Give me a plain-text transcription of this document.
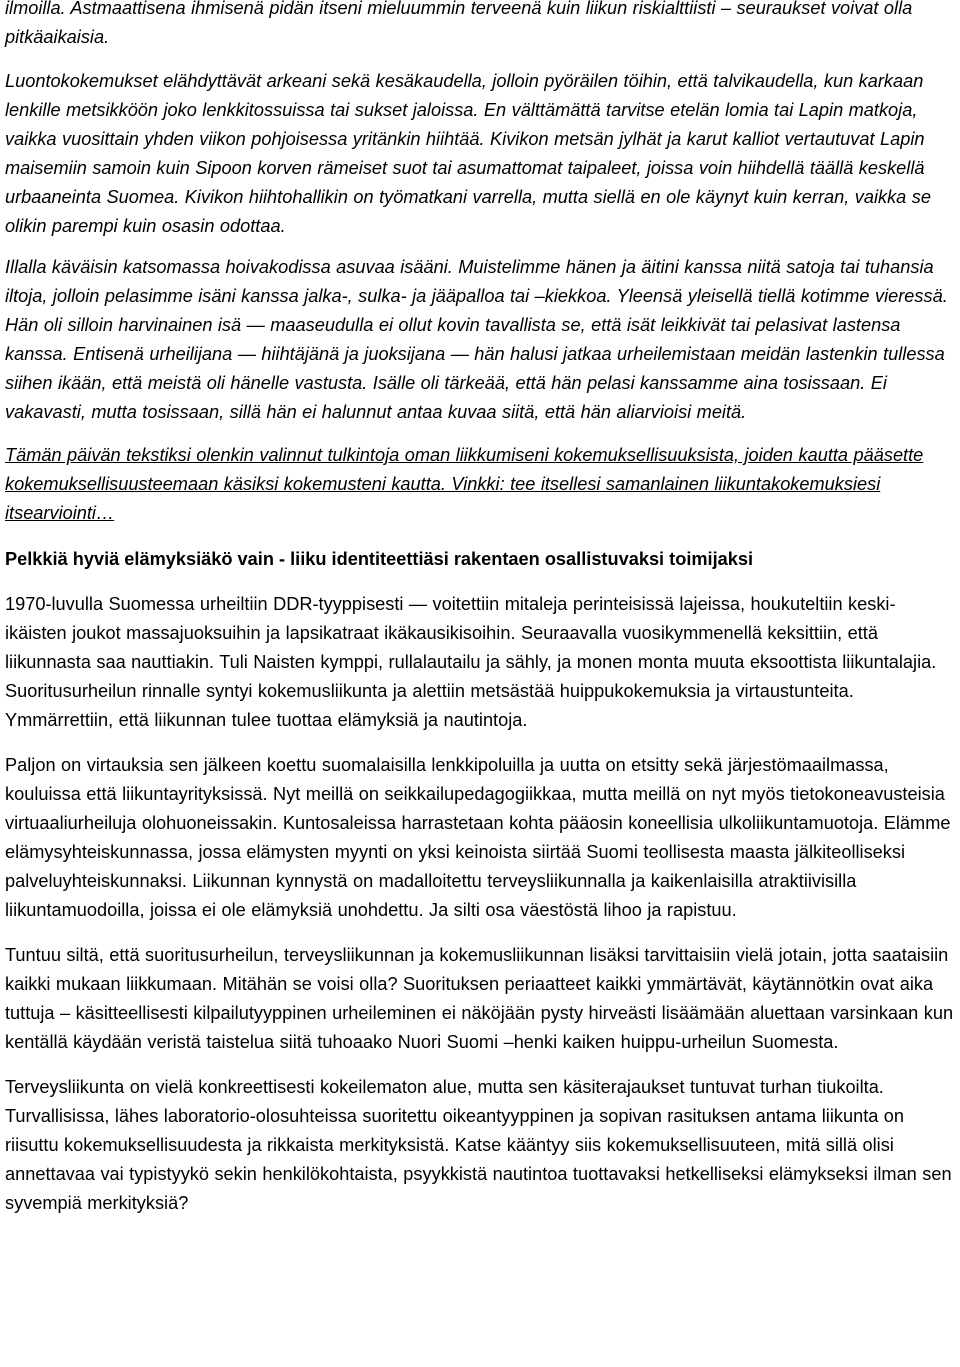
ilmoilla. Astmaattisena ihmisenä pidän itseni mieluummin terveenä kuin liikun riskialttiisti – seuraukset voivat olla pitkäaikaisia.

Luontokokemukset elähdyttävät arkeani sekä kesäkaudella, jolloin pyöräilen töihin, että talvikaudella, kun karkaan lenkille metsikköön joko lenkkitossuissa tai sukset jaloissa. En välttämättä tarvitse etelän lomia tai Lapin matkoja, vaikka vuosittain yhden viikon pohjoisessa yritänkin hiihtää. Kivikon metsän jylhät ja karut kalliot vertautuvat Lapin maisemiin samoin kuin Sipoon korven rämeiset suot tai asumattomat taipaleet, joissa voin hiihdellä täällä keskellä urbaaneinta Suomea. Kivikon hiihtohallikin on työmatkani varrella, mutta siellä en ole käynyt kuin kerran, vaikka se olikin parempi kuin osasin odottaa.

Illalla käväisin katsomassa hoivakodissa asuvaa isääni. Muistelimme hänen ja äitini kanssa niitä satoja tai tuhansia iltoja, jolloin pelasimme isäni kanssa jalka-, sulka- ja jääpalloa tai –kiekkoa. Yleensä yleisellä tiellä kotimme vieressä. Hän oli silloin harvinainen isä — maaseudulla ei ollut kovin tavallista se, että isät leikkivät tai pelasivat lastensa kanssa. Entisenä urheilijana — hiihtäjänä ja juoksijana — hän halusi jatkaa urheilemistaan meidän lastenkin tullessa siihen ikään, että meistä oli hänelle vastusta. Isälle oli tärkeää, että hän pelasi kanssamme aina tosissaan. Ei vakavasti, mutta tosissaan, sillä hän ei halunnut antaa kuvaa siitä, että hän aliarvioisi meitä.

Tämän päivän tekstiksi olenkin valinnut tulkintoja oman liikkumiseni kokemuksellisuuksista, joiden kautta pääsette kokemuksellisuusteemaan käsiksi kokemusteni kautta. Vinkki: tee itsellesi samanlainen liikuntakokemuksiesi itsearviointi…

Pelkkiä hyviä elämyksiäkö vain - liiku identiteettiäsi rakentaen osallistuvaksi toimijaksi

1970-luvulla Suomessa urheiltiin DDR-tyyppisesti — voitettiin mitaleja perinteisissä lajeissa, houkuteltiin keski-ikäisten joukot massajuoksuihin ja lapsikatraat ikäkausikisoihin. Seuraavalla vuosikymmenellä keksittiin, että liikunnasta saa nauttiakin. Tuli Naisten kymppi, rullalautailu ja sähly, ja monen monta muuta eksoottista liikuntalajia. Suoritusurheilun rinnalle syntyi kokemusliikunta ja alettiin metsästää huippukokemuksia ja virtaustunteita. Ymmärrettiin, että liikunnan tulee tuottaa elämyksiä ja nautintoja.

Paljon on virtauksia sen jälkeen koettu suomalaisilla lenkkipoluilla ja uutta on etsitty sekä järjestömaailmassa, kouluissa että liikuntayrityksissä. Nyt meillä on seikkailupedagogiikkaa, mutta meillä on nyt myös tietokoneavusteisia virtuaaliurheiluja olohuoneissakin. Kuntosaleissa harrastetaan kohta pääosin koneellisia ulkoliikuntamuotoja. Elämme elämysyhteiskunnassa, jossa elämysten myynti on yksi keinoista siirtää Suomi teollisesta maasta jälkiteolliseksi palveluyhteiskunnaksi. Liikunnan kynnystä on madalloitettu terveysliikunnalla ja kaikenlaisilla atraktiivisilla liikuntamuodoilla, joissa ei ole elämyksiä unohdettu. Ja silti osa väestöstä lihoo ja rapistuu.

Tuntuu siltä, että suoritusurheilun, terveysliikunnan ja kokemusliikunnan lisäksi tarvittaisiin vielä jotain, jotta saataisiin kaikki mukaan liikkumaan. Mitähän se voisi olla? Suorituksen periaatteet kaikki ymmärtävät, käytännötkin ovat aika tuttuja – käsitteellisesti kilpailutyyppinen urheileminen ei näköjään pysty hirveästi lisäämään aluettaan varsinkaan kun kentällä käydään veristä taistelua siitä tuhoaako Nuori Suomi –henki kaiken huippu-urheilun Suomesta.

Terveysliikunta on vielä konkreettisesti kokeilematon alue, mutta sen käsiterajaukset tuntuvat turhan tiukoilta. Turvallisissa, lähes laboratorio-olosuhteissa suoritettu oikeantyyppinen ja sopivan rasituksen antama liikunta on riisuttu kokemuksellisuudesta ja rikkaista merkityksistä. Katse kääntyy siis kokemuksellisuuteen, mitä sillä olisi annettavaa vai typistyykö sekin henkilökohtaista, psyykkistä nautintoa tuottavaksi hetkelliseksi elämykseksi ilman sen syvempiä merkityksiä?
